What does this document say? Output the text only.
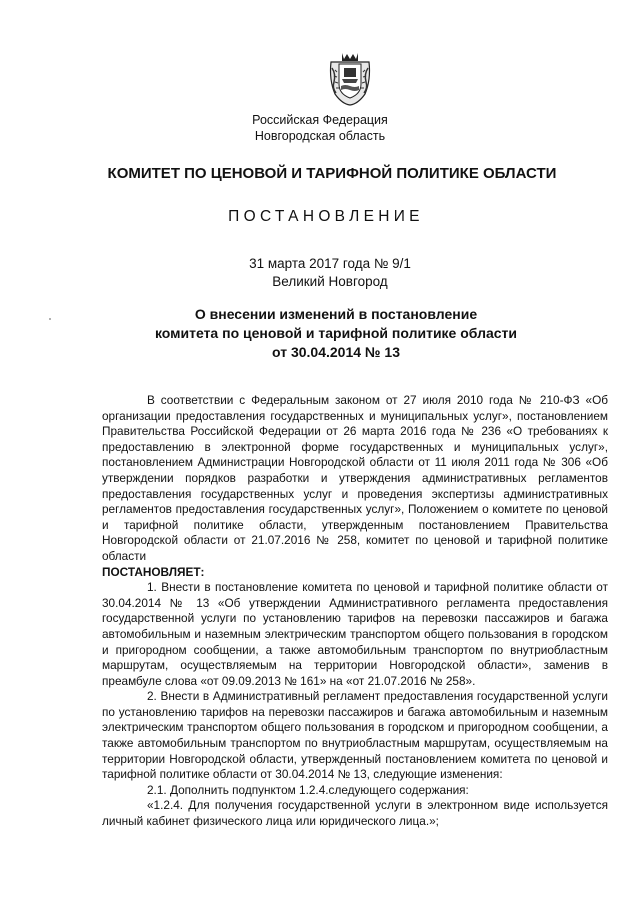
Российская Федерация
Новгородская область
КОМИТЕТ ПО ЦЕНОВОЙ И ТАРИФНОЙ ПОЛИТИКЕ ОБЛАСТИ
ПОСТАНОВЛЕНИЕ
31 марта 2017 года № 9/1
Великий Новгород
О внесении изменений в постановление
комитета по ценовой и тарифной политике области
от 30.04.2014 № 13

В соответствии с Федеральным законом от 27 июля 2010 года № 210-ФЗ «Об организации предоставления государственных и муниципальных услуг», постановлением Правительства Российской Федерации от 26 марта 2016 года № 236 «О требованиях к предоставлению в электронной форме государственных и муниципальных услуг», постановлением Администрации Новгородской области от 11 июля 2011 года № 306 «Об утверждении порядков разработки и утверждения административных регламентов предоставления государственных услуг и проведения экспертизы административных регламентов предоставления государственных услуг», Положением о комитете по ценовой и тарифной политике области, утвержденным постановлением Правительства Новгородской области от 21.07.2016 № 258, комитет по ценовой и тарифной политике области
ПОСТАНОВЛЯЕТ:

1. Внести в постановление комитета по ценовой и тарифной политике области от 30.04.2014 № 13 «Об утверждении Административного регламента предоставления государственной услуги по установлению тарифов на перевозки пассажиров и багажа автомобильным и наземным электрическим транспортом общего пользования в городском и пригородном сообщении, а также автомобильным транспортом по внутриобластным маршрутам, осуществляемым на территории Новгородской области», заменив в преамбуле слова «от 09.09.2013 № 161» на «от 21.07.2016 № 258».

2. Внести в Административный регламент предоставления государственной услуги по установлению тарифов на перевозки пассажиров и багажа автомобильным и наземным электрическим транспортом общего пользования в городском и пригородном сообщении, а также автомобильным транспортом по внутриобластным маршрутам, осуществляемым на территории Новгородской области, утвержденный постановлением комитета по ценовой и тарифной политике области от 30.04.2014 № 13, следующие изменения:

2.1. Дополнить подпунктом 1.2.4.следующего содержания:

«1.2.4. Для получения государственной услуги в электронном виде используется личный кабинет физического лица или юридического лица.»;
